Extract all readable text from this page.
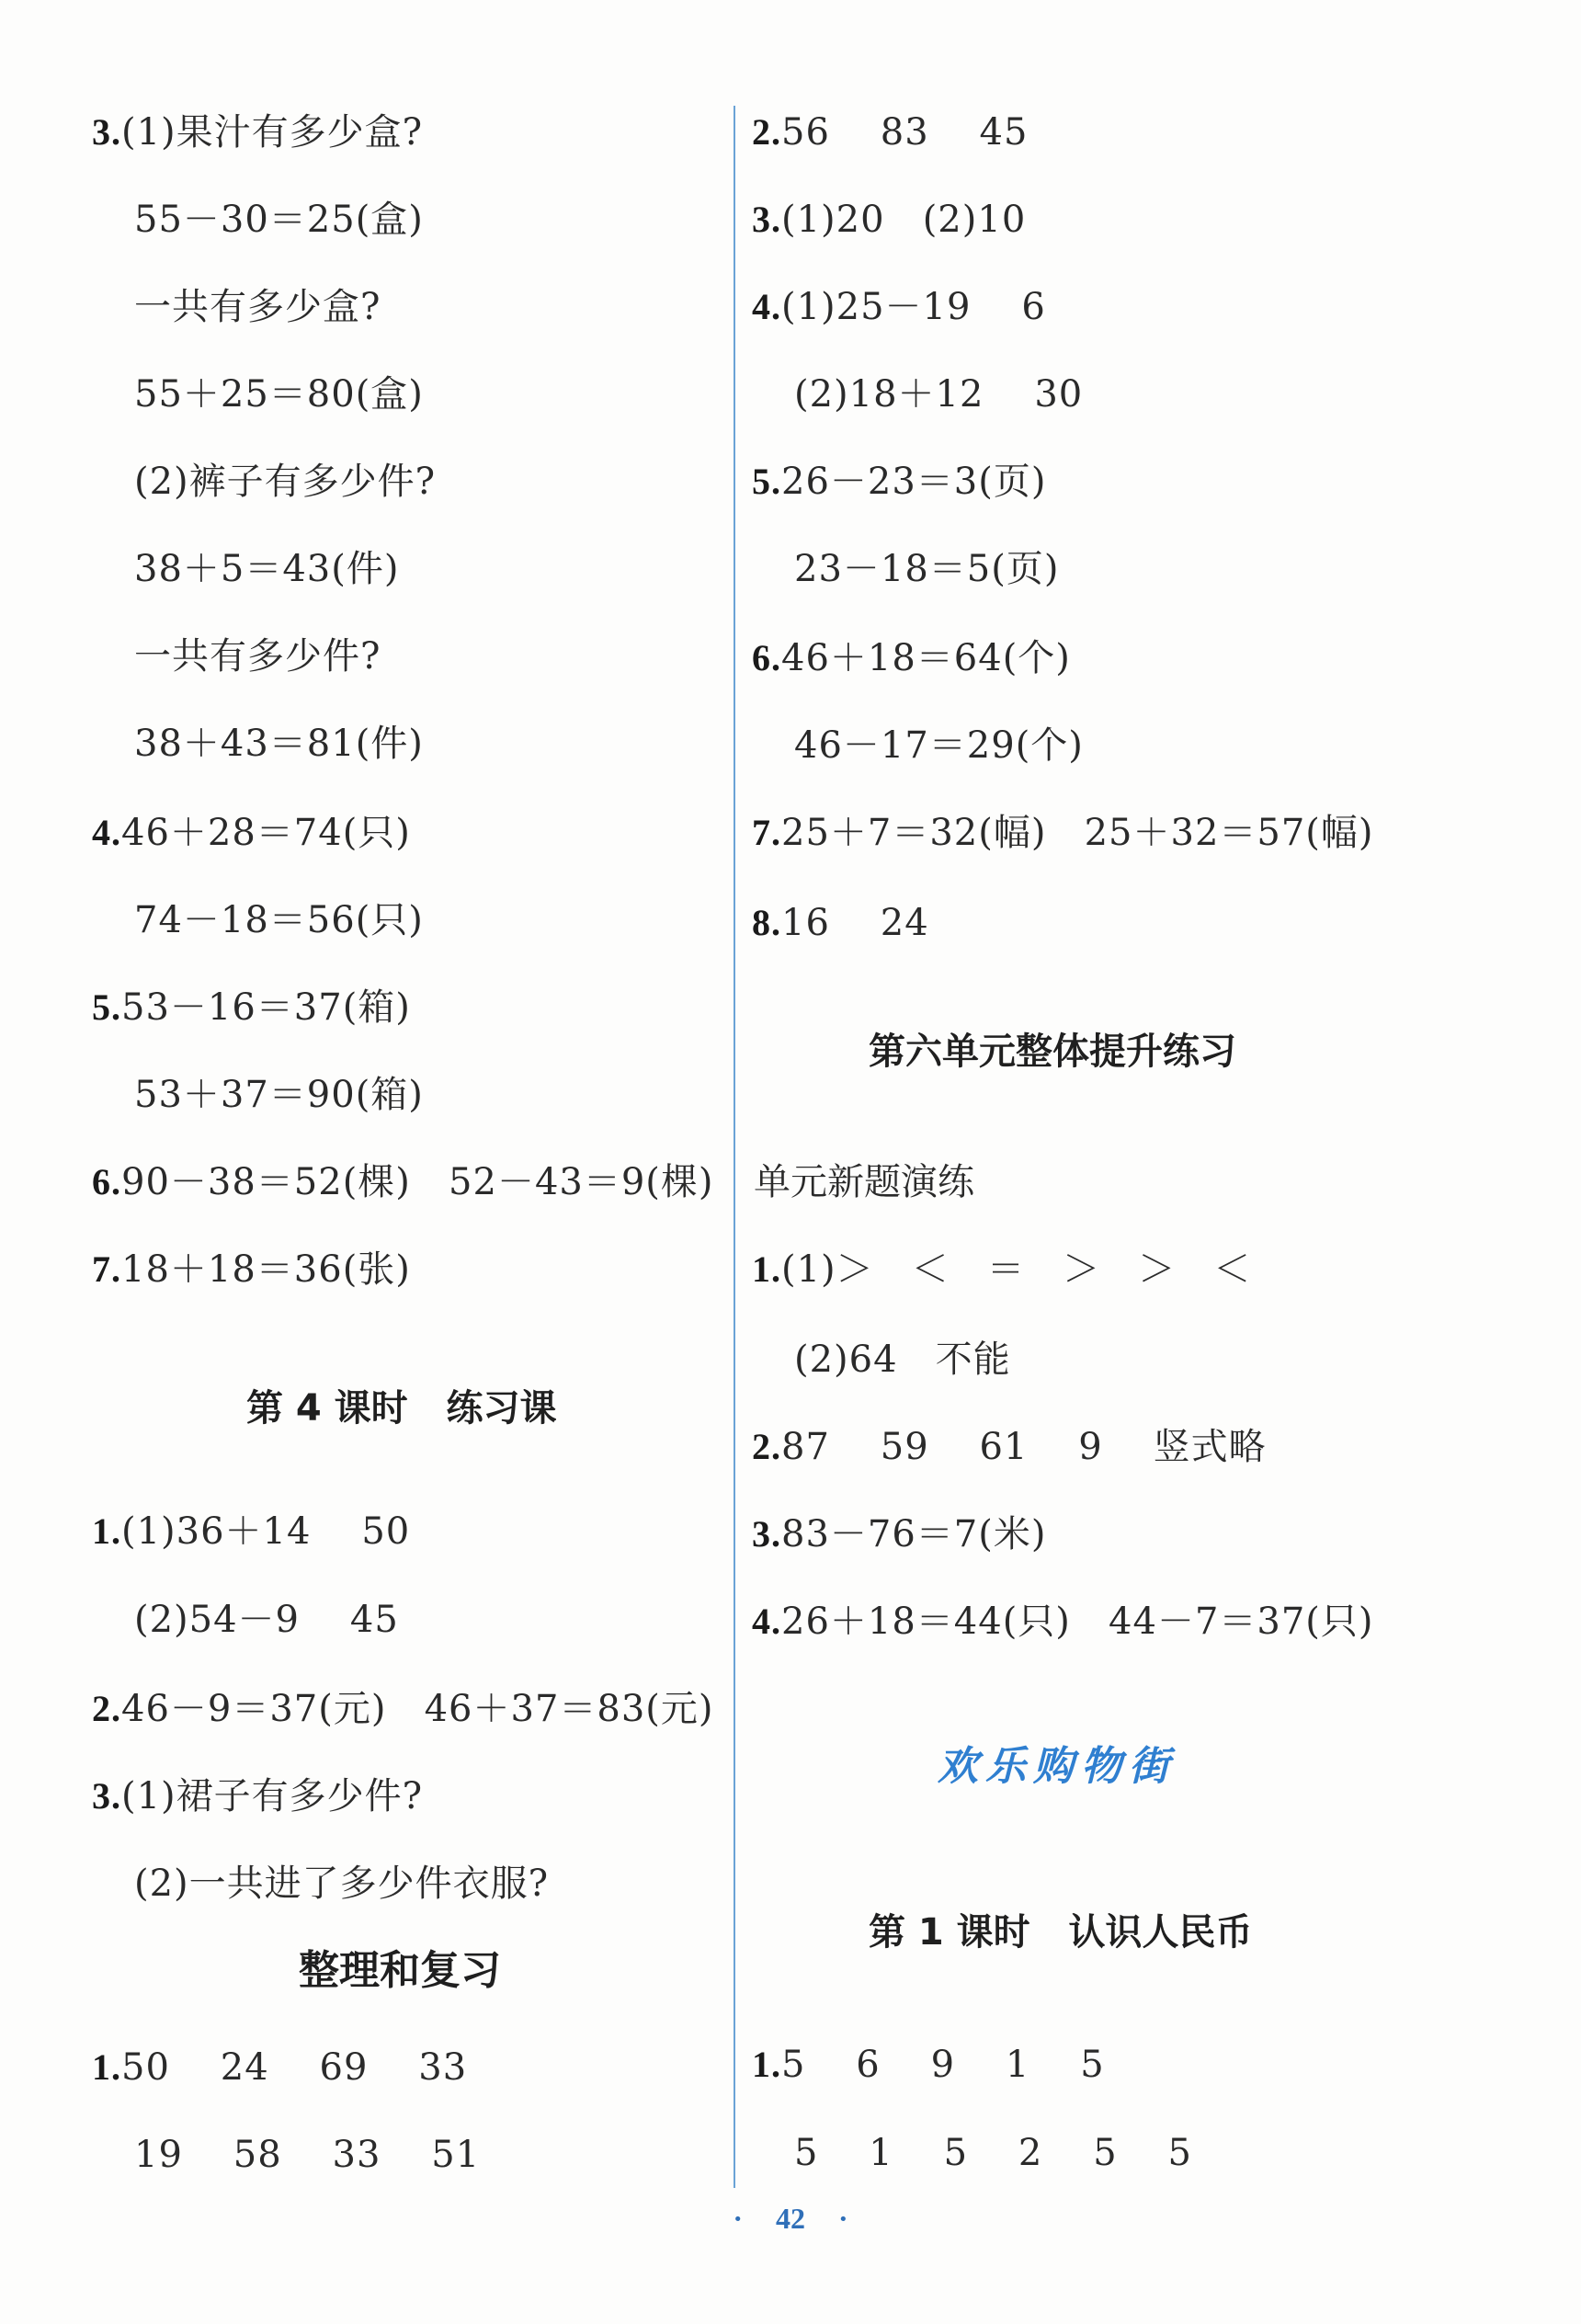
3.(1)果汁有多少盒?
55－30＝25(盒)
一共有多少盒?
55＋25＝80(盒)
(2)裤子有多少件?
38＋5＝43(件)
一共有多少件?
38＋43＝81(件)
4.46＋28＝74(只)
74－18＝56(只)
5.53－16＝37(箱)
53＋37＝90(箱)
6.90－38＝52(棵)   52－43＝9(棵)
7.18＋18＝36(张)
第 4 课时   练习课
1.(1)36＋14    50
(2)54－9    45
2.46－9＝37(元)   46＋37＝83(元)
3.(1)裙子有多少件?
(2)一共进了多少件衣服?
整理和复习
1.50    24    69    33
19    58    33    51
2.56    83    45
3.(1)20   (2)10
4.(1)25－19    6
(2)18＋12    30
5.26－23＝3(页)
23－18＝5(页)
6.46＋18＝64(个)
46－17＝29(个)
7.25＋7＝32(幅)   25＋32＝57(幅)
8.16    24
第六单元整体提升练习
单元新题演练
1.(1)＞   ＜   ＝   ＞   ＞   ＜
(2)64   不能
2.87    59    61    9    竖式略
3.83－76＝7(米)
4.26＋18＝44(只)   44－7＝37(只)
欢乐购物街
第 1 课时   认识人民币
1.5    6    9    1    5
5    1    5    2    5    5
· 42 ·
